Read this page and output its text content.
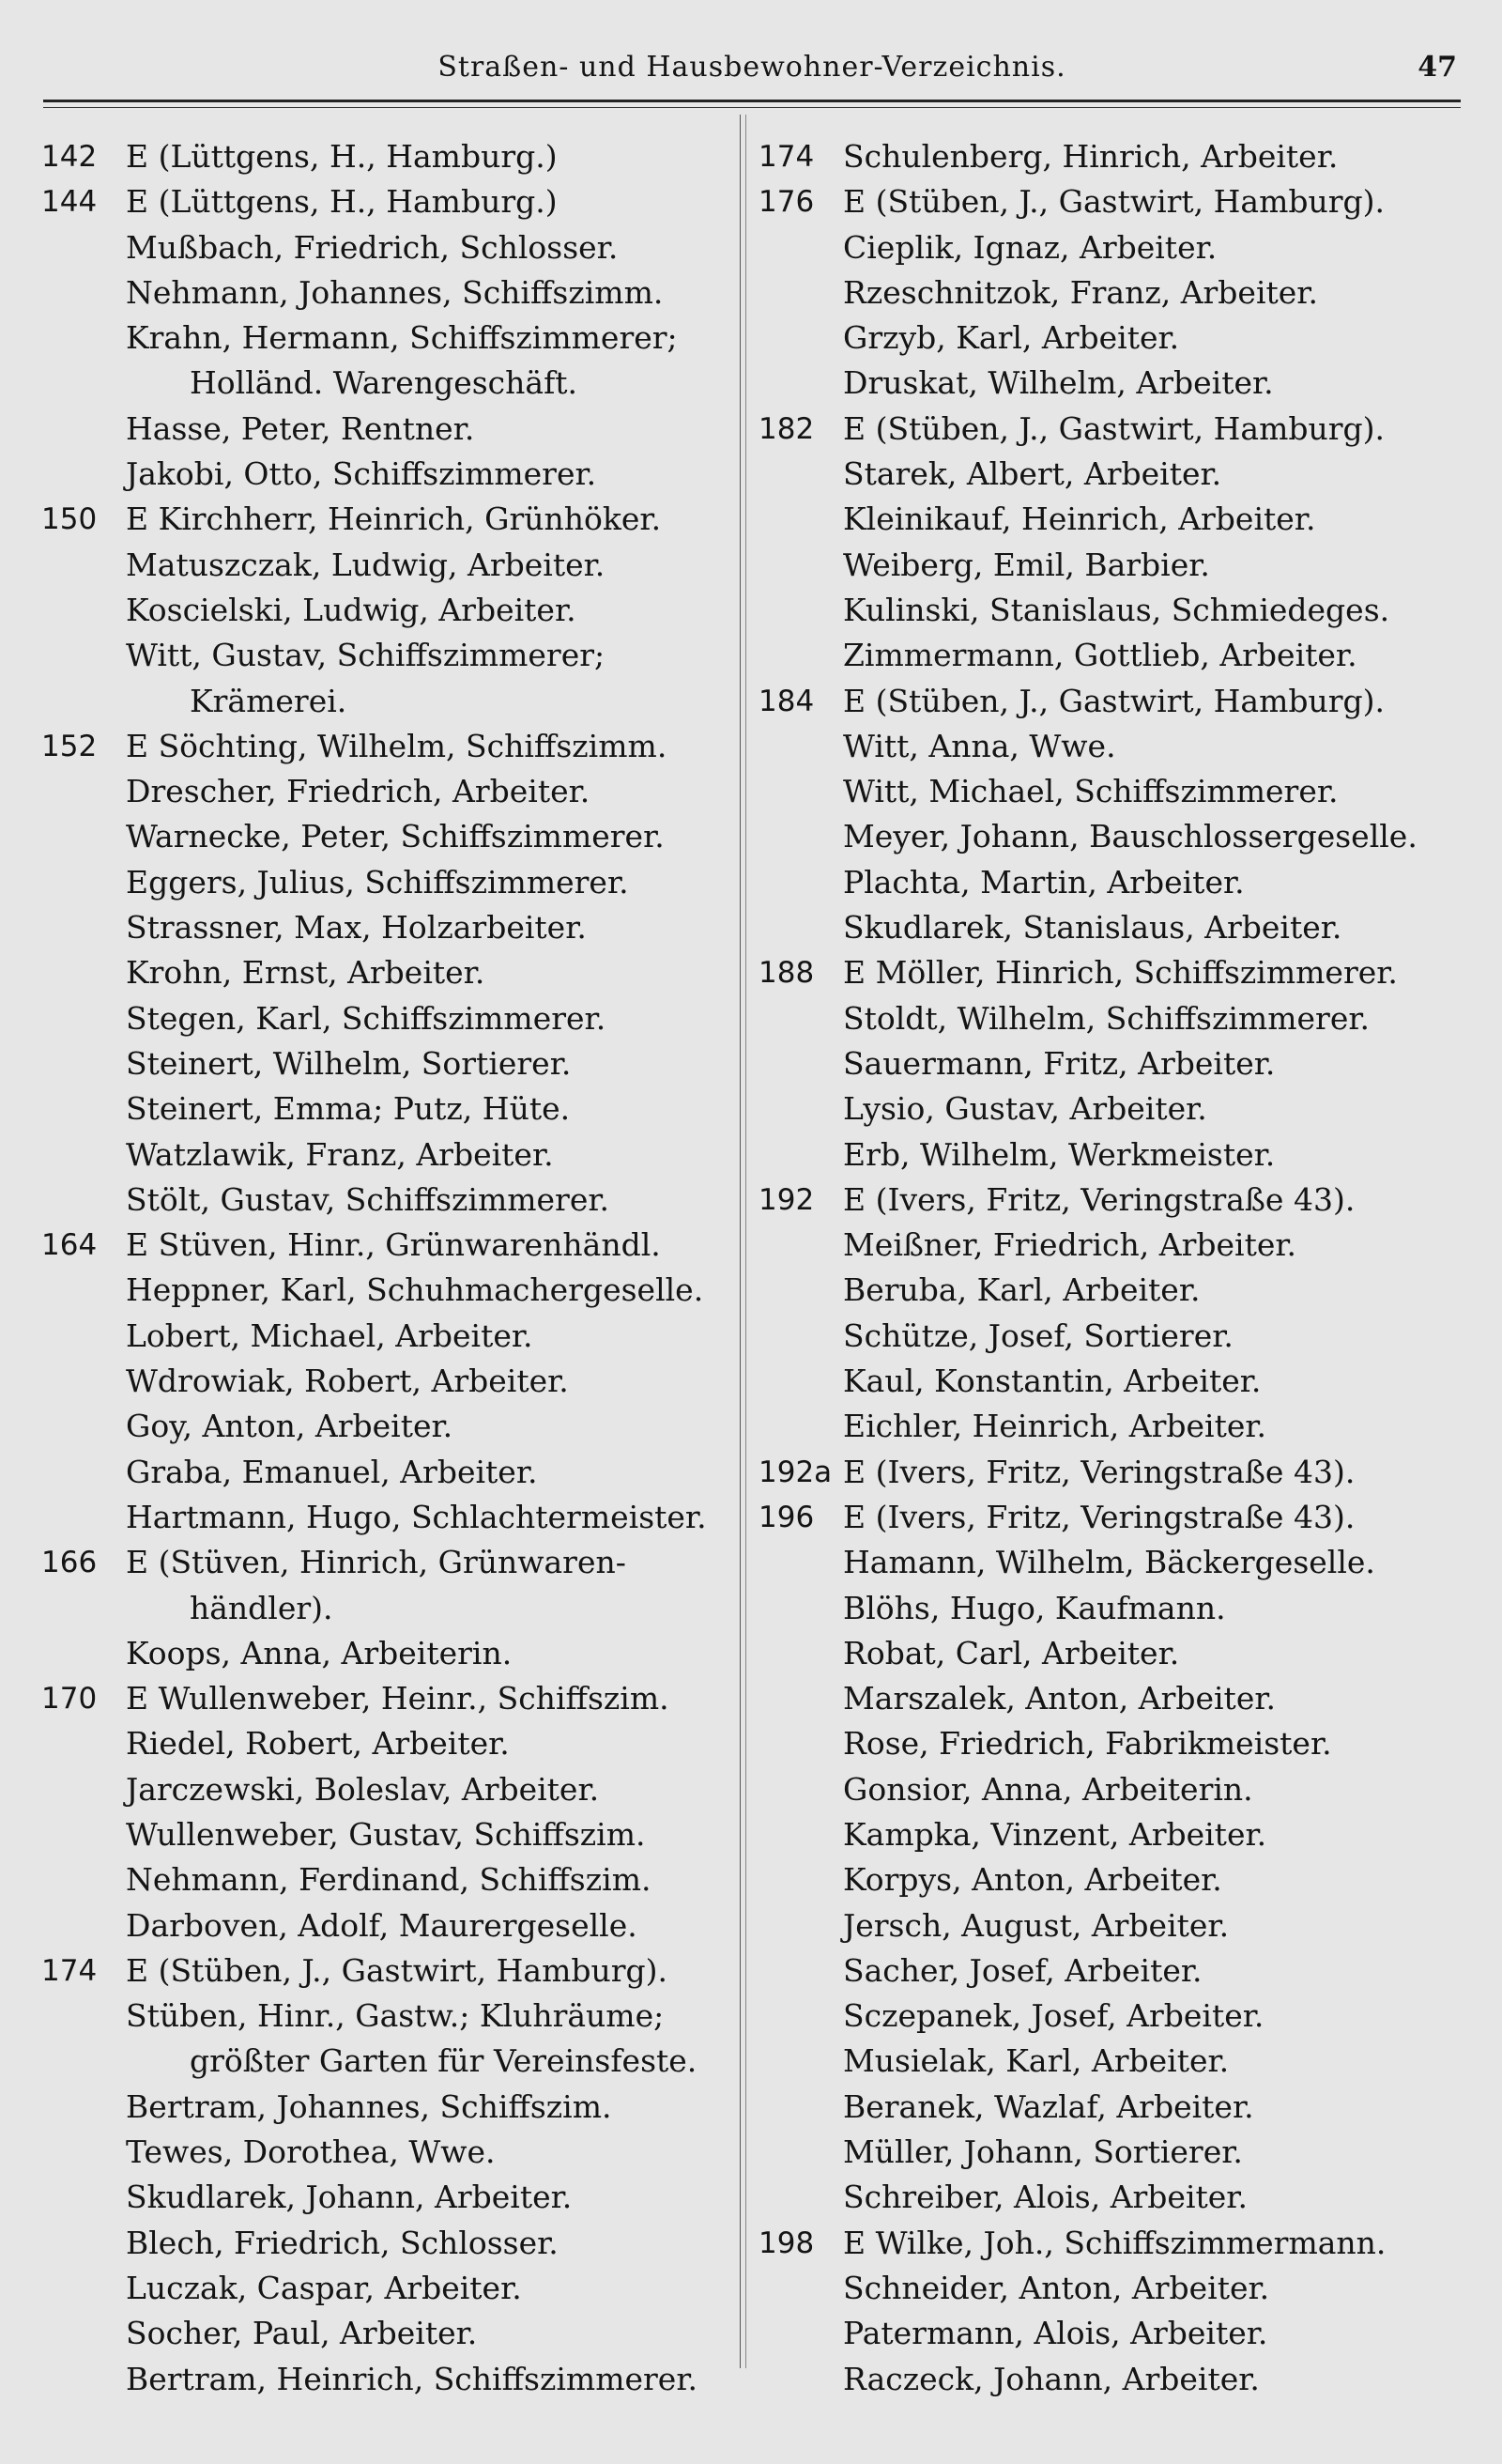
Straßen- und Hausbewohner-Verzeichnis.	47
142 E (Lüttgens, H., Hamburg.)
144 E (Lüttgens, H., Hamburg.)
Mußbach, Friedrich, Schlosser.
Nehmann, Johannes, Schiffszimm.
Krahn, Hermann, Schiffszimmerer;
Holländ. Warengeschäft.
Hasse, Peter, Rentner.
Jakobi, Otto, Schiffszimmerer.
150 E Kirchherr, Heinrich, Grünhöker.
Matuszczak, Ludwig, Arbeiter.
Koscielski, Ludwig, Arbeiter.
Witt, Gustav, Schiffszimmerer;
Krämerei.
152 E Söchting, Wilhelm, Schiffszimm.
Drescher, Friedrich, Arbeiter.
Warnecke, Peter, Schiffszimmerer.
Eggers, Julius, Schiffszimmerer.
Strassner, Max, Holzarbeiter.
Krohn, Ernst, Arbeiter.
Stegen, Karl, Schiffszimmerer.
Steinert, Wilhelm, Sortierer.
Steinert, Emma; Putz, Hüte.
Watzlawik, Franz, Arbeiter.
Stölt, Gustav, Schiffszimmerer.
164 E Stüven, Hinr., Grünwarenhändl.
Heppner, Karl, Schuhmachergeselle.
Lobert, Michael, Arbeiter.
Wdrowiak, Robert, Arbeiter.
Goy, Anton, Arbeiter.
Graba, Emanuel, Arbeiter.
Hartmann, Hugo, Schlachtermeister.
166 E (Stüven, Hinrich, Grünwaren-
händler).
Koops, Anna, Arbeiterin.
170 E Wullenweber, Heinr., Schiffszim.
Riedel, Robert, Arbeiter.
Jarczewski, Boleslav, Arbeiter.
Wullenweber, Gustav, Schiffszim.
Nehmann, Ferdinand, Schiffszim.
Darboven, Adolf, Maurergeselle.
174 E (Stüben, J., Gastwirt, Hamburg).
Stüben, Hinr., Gastw.; Kluhräume;
größter Garten für Vereinsfeste.
Bertram, Johannes, Schiffszim.
Tewes, Dorothea, Wwe.
Skudlarek, Johann, Arbeiter.
Blech, Friedrich, Schlosser.
Luczak, Caspar, Arbeiter.
Socher, Paul, Arbeiter.
Bertram, Heinrich, Schiffszimmerer.
174 Schulenberg, Hinrich, Arbeiter.
176 E (Stüben, J., Gastwirt, Hamburg).
Cieplik, Ignaz, Arbeiter.
Rzeschnitzok, Franz, Arbeiter.
Grzyb, Karl, Arbeiter.
Druskat, Wilhelm, Arbeiter.
182 E (Stüben, J., Gastwirt, Hamburg).
Starek, Albert, Arbeiter.
Kleinikauf, Heinrich, Arbeiter.
Weiberg, Emil, Barbier.
Kulinski, Stanislaus, Schmiedeges.
Zimmermann, Gottlieb, Arbeiter.
184 E (Stüben, J., Gastwirt, Hamburg).
Witt, Anna, Wwe.
Witt, Michael, Schiffszimmerer.
Meyer, Johann, Bauschlossergeselle.
Plachta, Martin, Arbeiter.
Skudlarek, Stanislaus, Arbeiter.
188 E Möller, Hinrich, Schiffszimmerer.
Stoldt, Wilhelm, Schiffszimmerer.
Sauermann, Fritz, Arbeiter.
Lysio, Gustav, Arbeiter.
Erb, Wilhelm, Werkmeister.
192 E (Ivers, Fritz, Veringstraße 43).
Meißner, Friedrich, Arbeiter.
Beruba, Karl, Arbeiter.
Schütze, Josef, Sortierer.
Kaul, Konstantin, Arbeiter.
Eichler, Heinrich, Arbeiter.
192a E (Ivers, Fritz, Veringstraße 43).
196 E (Ivers, Fritz, Veringstraße 43).
Hamann, Wilhelm, Bäckergeselle.
Blöhs, Hugo, Kaufmann.
Robat, Carl, Arbeiter.
Marszalek, Anton, Arbeiter.
Rose, Friedrich, Fabrikmeister.
Gonsior, Anna, Arbeiterin.
Kampka, Vinzent, Arbeiter.
Korpys, Anton, Arbeiter.
Jersch, August, Arbeiter.
Sacher, Josef, Arbeiter.
Sczepanek, Josef, Arbeiter.
Musielak, Karl, Arbeiter.
Beranek, Wazlaf, Arbeiter.
Müller, Johann, Sortierer.
Schreiber, Alois, Arbeiter.
198 E Wilke, Joh., Schiffszimmermann.
Schneider, Anton, Arbeiter.
Patermann, Alois, Arbeiter.
Raczeck, Johann, Arbeiter.
